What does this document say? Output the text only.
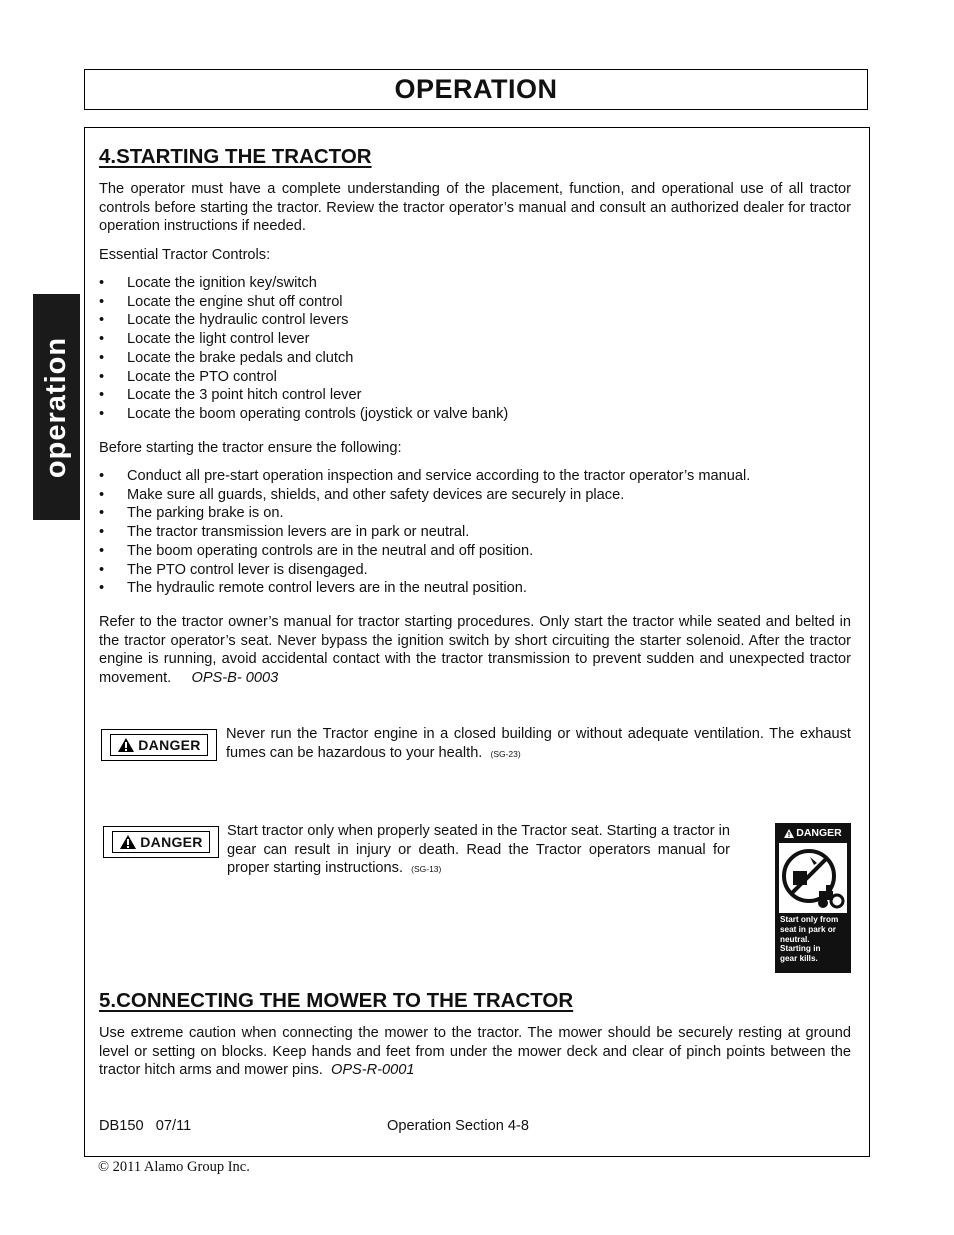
OPERATION
operation
4.STARTING THE TRACTOR

The operator must have a complete understanding of the placement, function, and operational use of all tractor controls before starting the tractor. Review the tractor operator’s manual and consult an authorized dealer for tractor operation instructions if needed.

Essential Tractor Controls:

• Locate the ignition key/switch
• Locate the engine shut off control
• Locate the hydraulic control levers
• Locate the light control lever
• Locate the brake pedals and clutch
• Locate the PTO control
• Locate the 3 point hitch control lever
• Locate the boom operating controls (joystick or valve bank)

Before starting the tractor ensure the following:

• Conduct all pre-start operation inspection and service according to the tractor operator’s manual.
• Make sure all guards, shields, and other safety devices are securely in place.
• The parking brake is on.
• The tractor transmission levers are in park or neutral.
• The boom operating controls are in the neutral and off position.
• The PTO control lever is disengaged.
• The hydraulic remote control levers are in the neutral position.

Refer to the tractor owner’s manual for tractor starting procedures. Only start the tractor while seated and belted in the tractor operator’s seat. Never bypass the ignition switch by short circuiting the starter solenoid. After the tractor engine is running, avoid accidental contact with the tractor transmission to prevent sudden and unexpected tractor movement. OPS-B- 0003

DANGER

Never run the Tractor engine in a closed building or without adequate ventilation. The exhaust fumes can be hazardous to your health. (SG-23)

DANGER

Start tractor only when properly seated in the Tractor seat. Starting a tractor in gear can result in injury or death. Read the Tractor operators manual for proper starting instructions. (SG-13)

DANGER
Start only from
seat in park or
neutral.
Starting in
gear kills.
5.CONNECTING THE MOWER TO THE TRACTOR

Use extreme caution when connecting the mower to the tractor. The mower should be securely resting at ground level or setting on blocks. Keep hands and feet from under the mower deck and clear of pinch points between the tractor hitch arms and mower pins. OPS-R-0001

DB150   07/11	Operation Section 4-8
© 2011 Alamo Group Inc.
